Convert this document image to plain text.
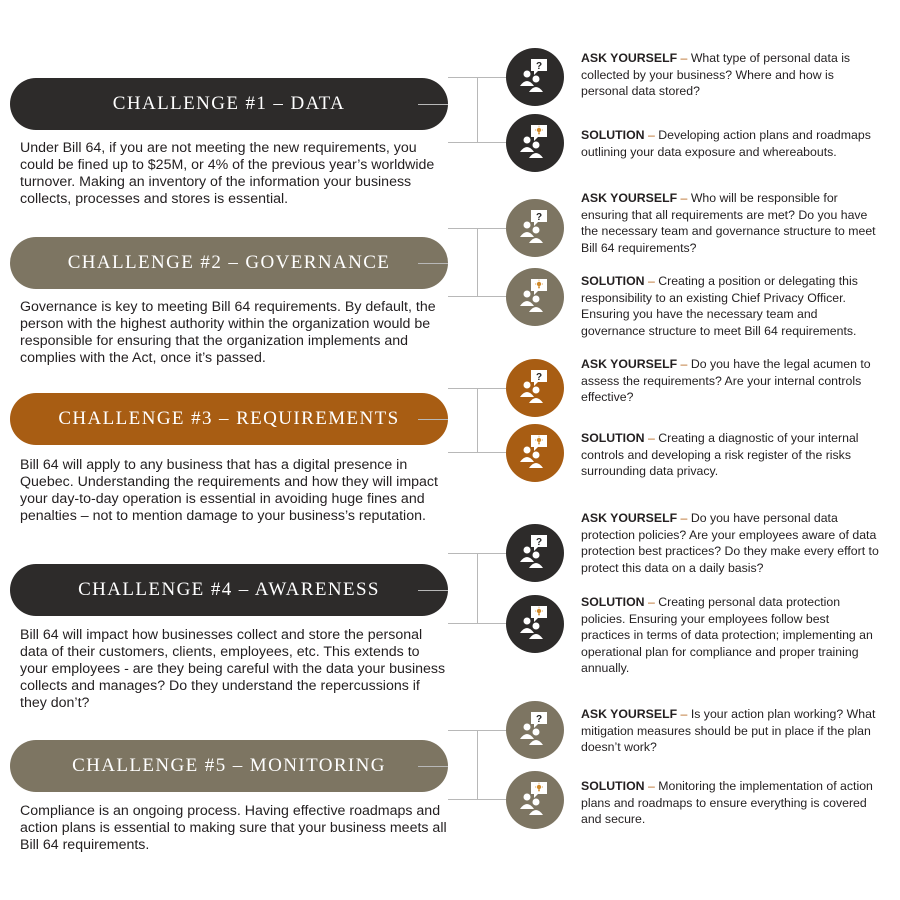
CHALLENGE #1 – DATA
Under Bill 64, if you are not meeting the new requirements, you could be fined up to $25M, or 4% of the previous year’s worldwide turnover. Making an inventory of the information your business collects, processes and stores is essential.
?
ASK YOURSELF – What type of personal data is collected by your business? Where and how is personal data stored?
SOLUTION – Developing action plans and roadmaps outlining your data exposure and whereabouts.
CHALLENGE #2 – GOVERNANCE
Governance is key to meeting Bill 64 requirements. By default, the person with the highest authority within the organization would be responsible for ensuring that the organization implements and complies with the Act, once it’s passed.
?
ASK YOURSELF – Who will be responsible for ensuring that all requirements are met? Do you have the necessary team and governance structure to meet Bill 64 requirements?
SOLUTION – Creating a position or delegating this responsibility to an existing Chief Privacy Officer. Ensuring you have the necessary team and governance structure to meet Bill 64 requirements.
CHALLENGE #3 – REQUIREMENTS
Bill 64 will apply to any business that has a digital presence in Quebec. Understanding the requirements and how they will impact your day-to-day operation is essential in avoiding huge fines and penalties – not to mention damage to your business’s reputation.
?
ASK YOURSELF – Do you have the legal acumen to assess the requirements? Are your internal controls effective?
SOLUTION – Creating a diagnostic of your internal controls and developing a risk register of the risks surrounding data privacy.
CHALLENGE #4 – AWARENESS
Bill 64 will impact how businesses collect and store the personal data of their customers, clients, employees, etc. This extends to your employees - are they being careful with the data your business collects and manages? Do they understand the repercussions if they don’t?
?
ASK YOURSELF – Do you have personal data protection policies? Are your employees aware of data protection best practices? Do they make every effort to protect this data on a daily basis?
SOLUTION – Creating personal data protection policies. Ensuring your employees follow best practices in terms of data protection; implementing an operational plan for compliance and proper training annually.
CHALLENGE #5 – MONITORING
Compliance is an ongoing process. Having effective roadmaps and action plans is essential to making sure that your business meets all Bill 64 requirements.
?	ASK YOURSELF – Is your action plan working? What mitigation measures should be put in place if the plan doesn’t work?
SOLUTION – Monitoring the implementation of action plans and roadmaps to ensure everything is covered and secure.
